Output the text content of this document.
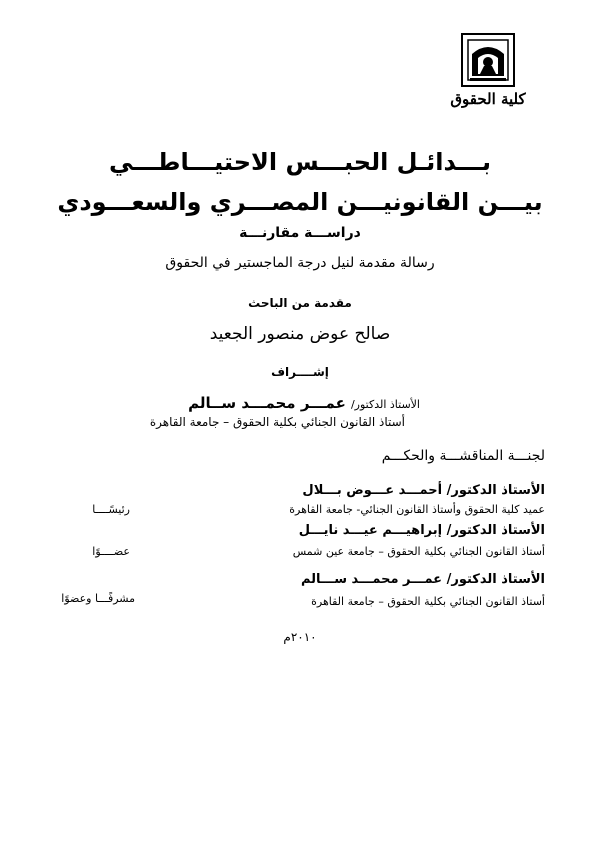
كلية الحقوق
بـــدائـل الحبـــس الاحتيـــاطـــي
بيـــن القانونيـــن المصـــري والسعـــودي
دراســـة مقارنـــة
رسالة مقدمة لنيل درجة الماجستير في الحقوق
مقدمة من الباحث
صالح عوض منصور الجعيد
إشــــراف
الأستاذ الدكتور/ عمـــر محمـــد ســالم
أستاذ القانون الجنائي بكلية الحقوق – جامعة القاهرة
لجنـــة المناقشـــة والحكـــم
الأستاذ الدكتور/ أحمـــد عـــوض بـــلال
عميد كلية الحقوق وأستاذ القانون الجنائي- جامعة القاهرة
رئيسًــــا
الأستاذ الدكتور/ إبراهيـــم عيـــد نايـــل
أستاذ القانون الجنائي بكلية الحقوق – جامعة عين شمس
عضــــوًا
الأستاذ الدكتور/ عمـــر محمـــد ســـالم
أستاذ القانون الجنائي بكلية الحقوق – جامعة القاهرة
مشرفًـــا وعضوًا
٢٠١٠م
